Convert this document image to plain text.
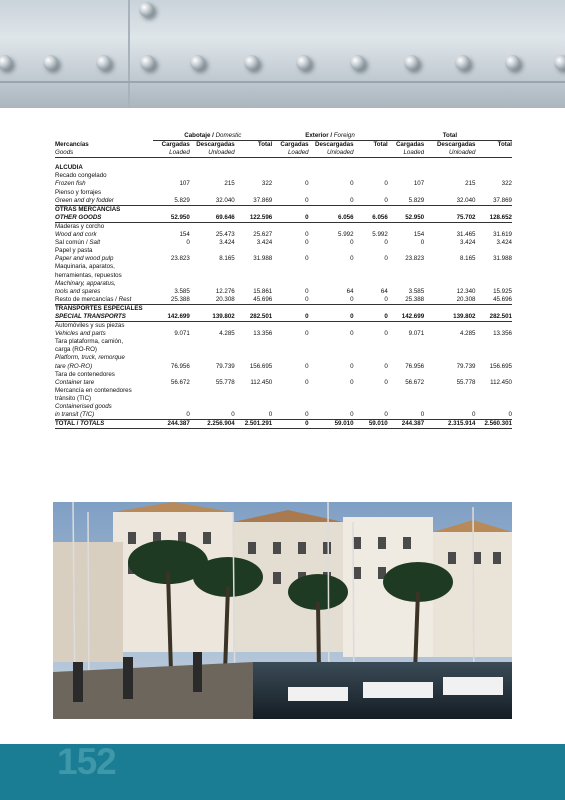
	Cabotaje / Domestic			Exterior / Foreign			Total		
Mercancías	Cargadas	Descargadas	Total	Cargadas	Descargadas	Total	Cargadas	Descargadas	Total
Goods	Loaded	Unloaded		Loaded	Unloaded		Loaded	Unloaded	

ALCUDIA									
Recado congelado									
Frozen fish	107	215	322	0	0	0	107	215	322
Pienso y forrajes									
Green and dry fodder	5.829	32.040	37.869	0	0	0	5.829	32.040	37.869
OTRAS MERCANCÍAS									
OTHER GOODS	52.950	69.646	122.596	0	6.056	6.056	52.950	75.702	128.652
Maderas y corcho									
Wood and cork	154	25.473	25.627	0	5.992	5.992	154	31.465	31.619
Sal común / Salt	0	3.424	3.424	0	0	0	0	3.424	3.424
Papel y pasta									
Paper and wood pulp	23.823	8.165	31.988	0	0	0	23.823	8.165	31.988
Maquinaria, aparatos,									
herramientas, repuestos									
Machinary, apparatus,									
tools and spares	3.585	12.276	15.861	0	64	64	3.585	12.340	15.925
Resto de mercancías / Rest	25.388	20.308	45.696	0	0	0	25.388	20.308	45.696
TRANSPORTES ESPECIALES									
SPECIAL TRANSPORTS	142.699	139.802	282.501	0	0	0	142.699	139.802	282.501
Automóviles y sus piezas									
Vehicles and parts	9.071	4.285	13.356	0	0	0	9.071	4.285	13.356
Tara plataforma, camión,									
carga (RO-RO)									
Platform, truck, remorque									
tare (RO-RO)	76.956	79.739	156.695	0	0	0	76.956	79.739	156.695
Tara de contenedores									
Container tare	56.672	55.778	112.450	0	0	0	56.672	55.778	112.450
Mercancía en contenedores									
tránsito (TIC)									
Containerised goods									
in transit (TIC)	0	0	0	0	0	0	0	0	0
TOTAL / TOTALS	244.387	2.256.904	2.501.291	0	59.010	59.010	244.387	2.315.914	2.560.301
152
